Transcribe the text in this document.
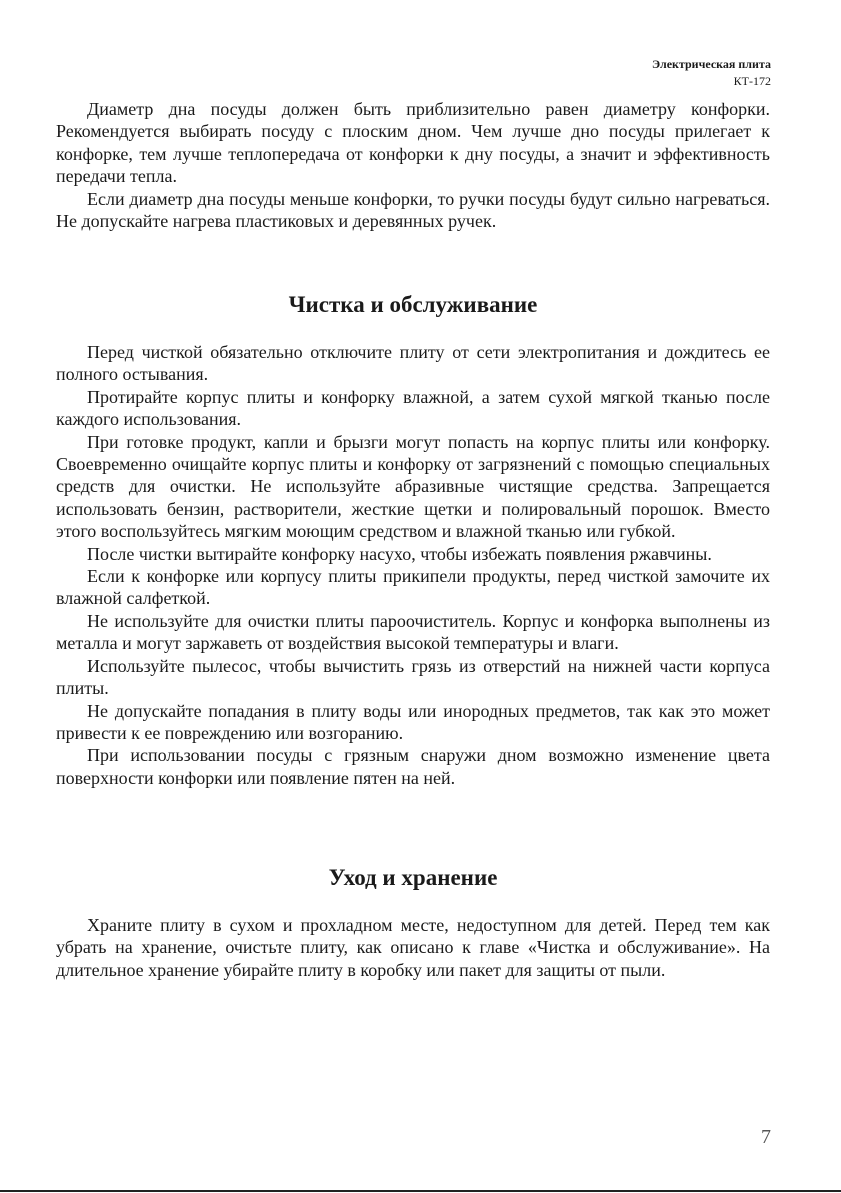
Электрическая плита
КТ-172

Диаметр дна посуды должен быть приблизительно равен диаметру конфорки. Рекомендуется выбирать посуду с плоским дном. Чем лучше дно посуды прилегает к конфорке, тем лучше теплопередача от конфорки к дну посуды, а значит и эффективность передачи тепла.

Если диаметр дна посуды меньше конфорки, то ручки посуды будут сильно нагреваться. Не допускайте нагрева пластиковых и деревянных ручек.

Чистка и обслуживание

Перед чисткой обязательно отключите плиту от сети электропитания и дождитесь ее полного остывания.

Протирайте корпус плиты и конфорку влажной, а затем сухой мягкой тканью после каждого использования.

При готовке продукт, капли и брызги могут попасть на корпус плиты или конфорку. Своевременно очищайте корпус плиты и конфорку от загрязнений с помощью специальных средств для очистки. Не используйте абразивные чистящие средства. Запрещается использовать бензин, растворители, жесткие щетки и полировальный порошок. Вместо этого воспользуйтесь мягким моющим средством и влажной тканью или губкой.

После чистки вытирайте конфорку насухо, чтобы избежать появления ржавчины.

Если к конфорке или корпусу плиты прикипели продукты, перед чисткой замочите их влажной салфеткой.

Не используйте для очистки плиты пароочиститель. Корпус и конфорка выполнены из металла и могут заржаветь от воздействия высокой температуры и влаги.

Используйте пылесос, чтобы вычистить грязь из отверстий на нижней части корпуса плиты.

Не допускайте попадания в плиту воды или инородных предметов, так как это может привести к ее повреждению или возгоранию.

При использовании посуды с грязным снаружи дном возможно изменение цвета поверхности конфорки или появление пятен на ней.

Уход и хранение

Храните плиту в сухом и прохладном месте, недоступном для детей. Перед тем как убрать на хранение, очистьте плиту, как описано к главе «Чистка и обслуживание». На длительное хранение убирайте плиту в коробку или пакет для защиты от пыли.

7
